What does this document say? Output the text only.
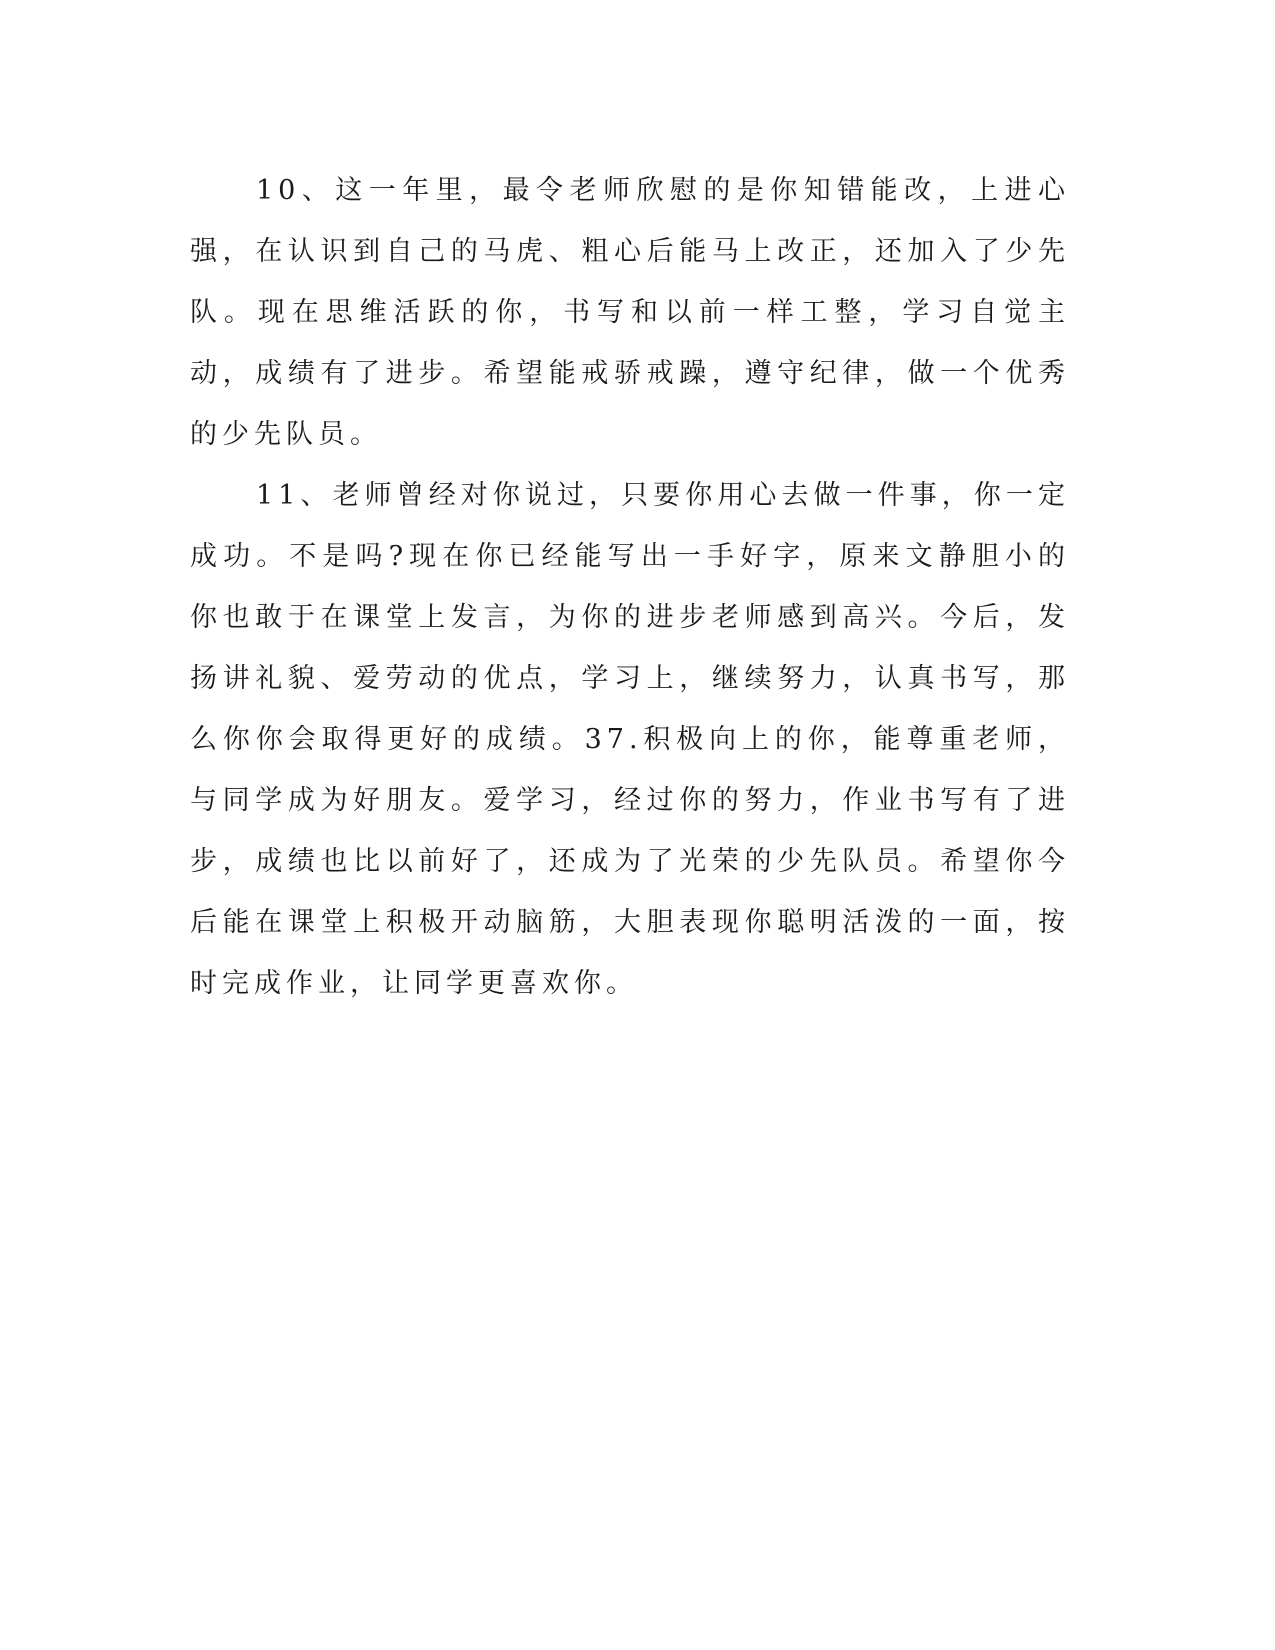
10、这一年里，最令老师欣慰的是你知错能改，上进心强，在认识到自己的马虎、粗心后能马上改正，还加入了少先队。现在思维活跃的你，书写和以前一样工整，学习自觉主动，成绩有了进步。希望能戒骄戒躁，遵守纪律，做一个优秀的少先队员。

11、老师曾经对你说过，只要你用心去做一件事，你一定成功。不是吗?现在你已经能写出一手好字，原来文静胆小的你也敢于在课堂上发言，为你的进步老师感到高兴。今后，发扬讲礼貌、爱劳动的优点，学习上，继续努力，认真书写，那么你你会取得更好的成绩。37.积极向上的你，能尊重老师，与同学成为好朋友。爱学习，经过你的努力，作业书写有了进步，成绩也比以前好了，还成为了光荣的少先队员。希望你今后能在课堂上积极开动脑筋，大胆表现你聪明活泼的一面，按时完成作业，让同学更喜欢你。
